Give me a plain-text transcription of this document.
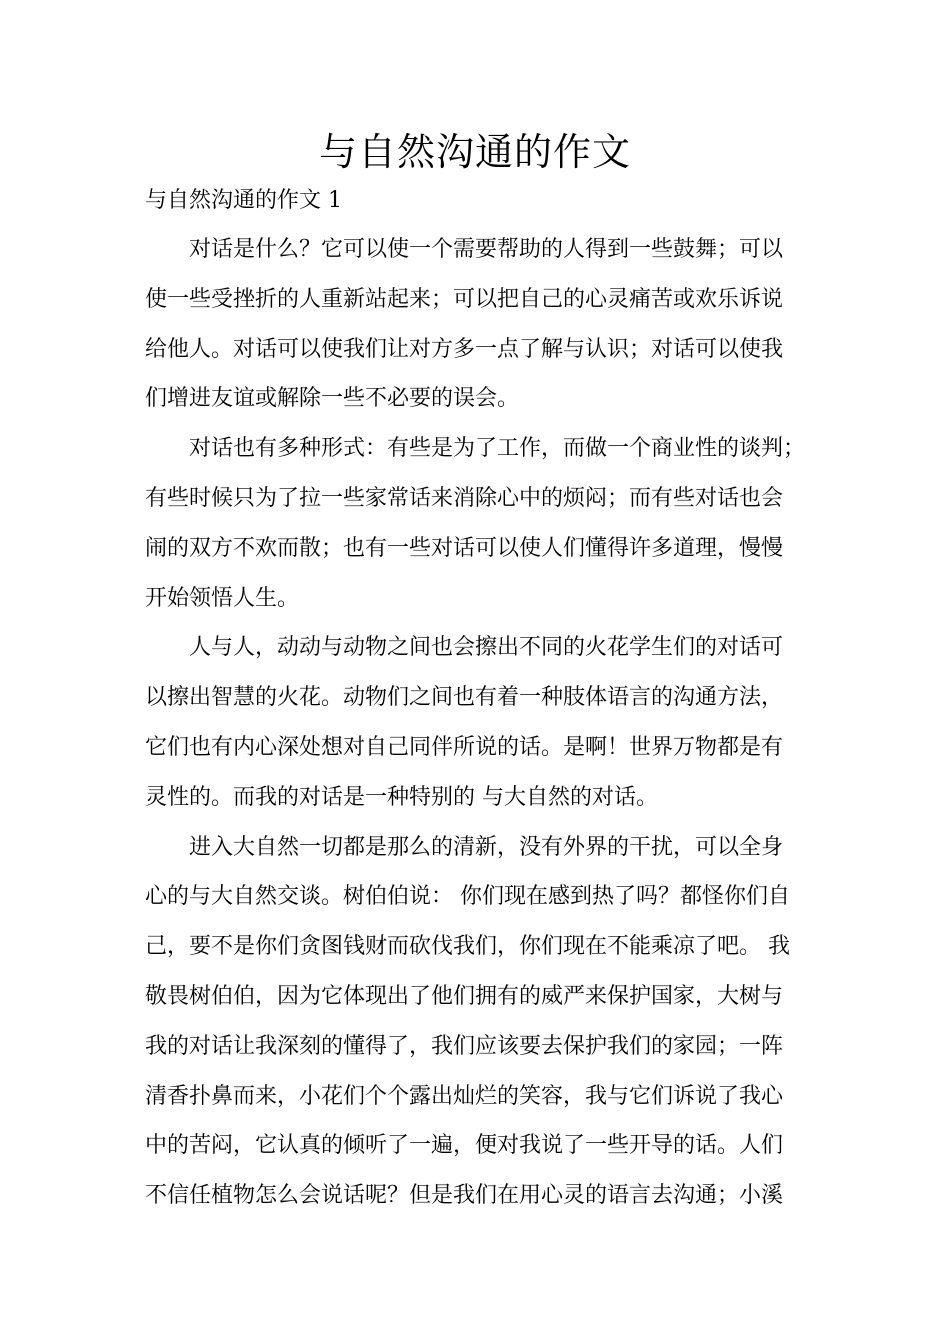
与自然沟通的作文

与自然沟通的作文 1

对话是什么？它可以使一个需要帮助的人得到一些鼓舞；可以
使一些受挫折的人重新站起来；可以把自己的心灵痛苦或欢乐诉说
给他人。对话可以使我们让对方多一点了解与认识；对话可以使我
们增进友谊或解除一些不必要的误会。
对话也有多种形式：有些是为了工作，而做一个商业性的谈判；
有些时候只为了拉一些家常话来消除心中的烦闷；而有些对话也会
闹的双方不欢而散；也有一些对话可以使人们懂得许多道理，慢慢
开始领悟人生。
人与人，动动与动物之间也会擦出不同的火花学生们的对话可
以擦出智慧的火花。动物们之间也有着一种肢体语言的沟通方法，
它们也有内心深处想对自己同伴所说的话。是啊！世界万物都是有
灵性的。而我的对话是一种特别的 与大自然的对话。
进入大自然一切都是那么的清新，没有外界的干扰，可以全身
心的与大自然交谈。树伯伯说： 你们现在感到热了吗？都怪你们自
己，要不是你们贪图钱财而砍伐我们，你们现在不能乘凉了吧。 我
敬畏树伯伯，因为它体现出了他们拥有的威严来保护国家，大树与
我的对话让我深刻的懂得了，我们应该要去保护我们的家园；一阵
清香扑鼻而来，小花们个个露出灿烂的笑容，我与它们诉说了我心
中的苦闷，它认真的倾听了一遍，便对我说了一些开导的话。人们
不信任植物怎么会说话呢？但是我们在用心灵的语言去沟通；小溪
